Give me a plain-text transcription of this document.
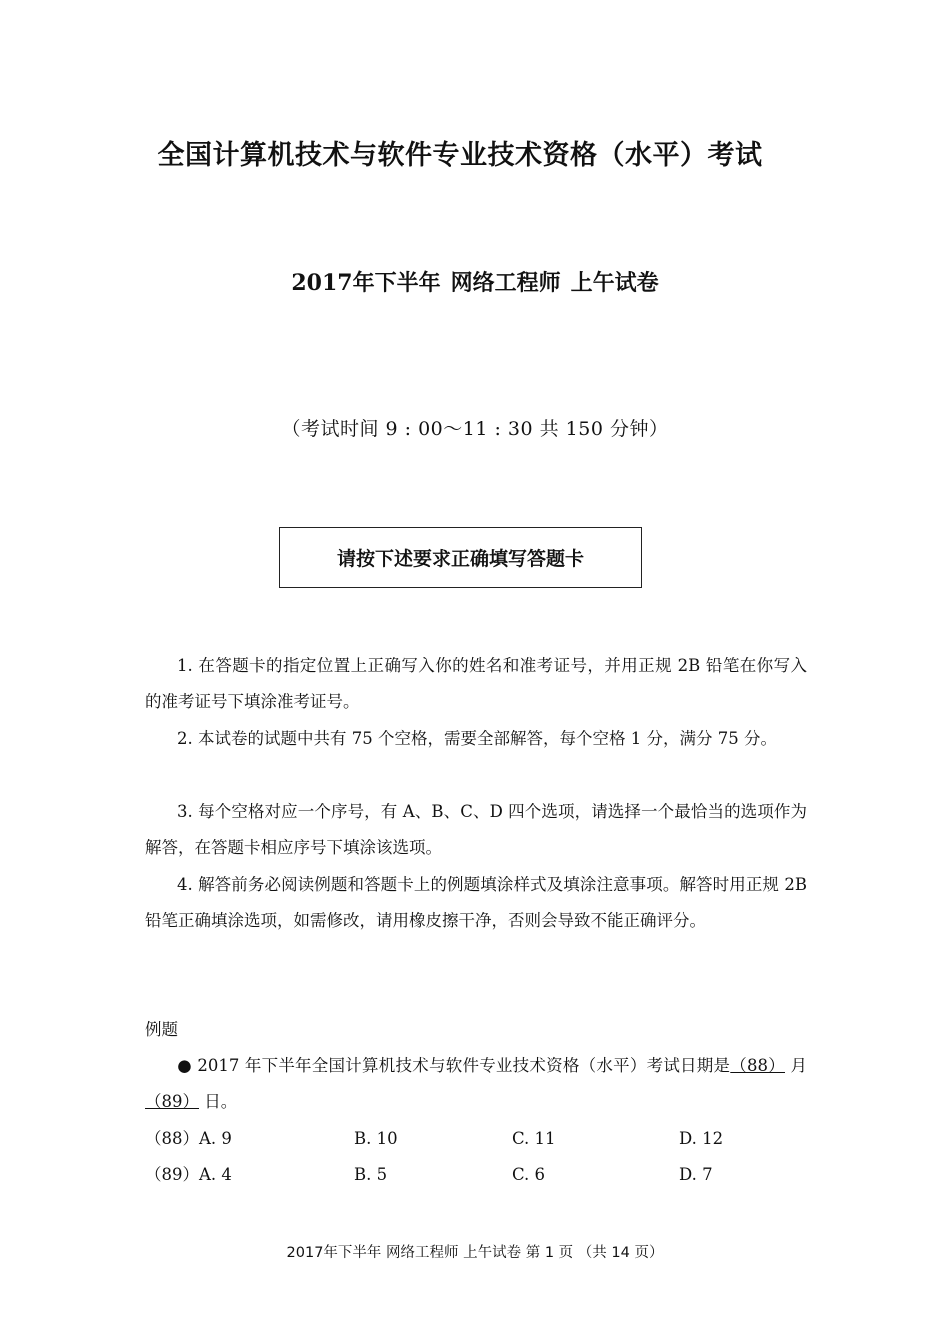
全国计算机技术与软件专业技术资格（水平）考试
2017年下半年 网络工程师 上午试卷
（考试时间 9 : 00～11 : 30 共 150 分钟）
请按下述要求正确填写答题卡
1. 在答题卡的指定位置上正确写入你的姓名和准考证号，并用正规 2B 铅笔在你写入的准考证号下填涂准考证号。
2. 本试卷的试题中共有 75 个空格，需要全部解答，每个空格 1 分，满分 75 分。
3. 每个空格对应一个序号，有 A、B、C、D 四个选项，请选择一个最恰当的选项作为解答，在答题卡相应序号下填涂该选项。
4. 解答前务必阅读例题和答题卡上的例题填涂样式及填涂注意事项。解答时用正规 2B 铅笔正确填涂选项，如需修改，请用橡皮擦干净，否则会导致不能正确评分。
例题
● 2017 年下半年全国计算机技术与软件专业技术资格（水平）考试日期是（88） 月 （89） 日。
（88）A. 9	B. 10	C. 11	D. 12
（89）A. 4	B. 5	C. 6	D. 7
2017年下半年 网络工程师 上午试卷 第 1 页 （共 14 页）
